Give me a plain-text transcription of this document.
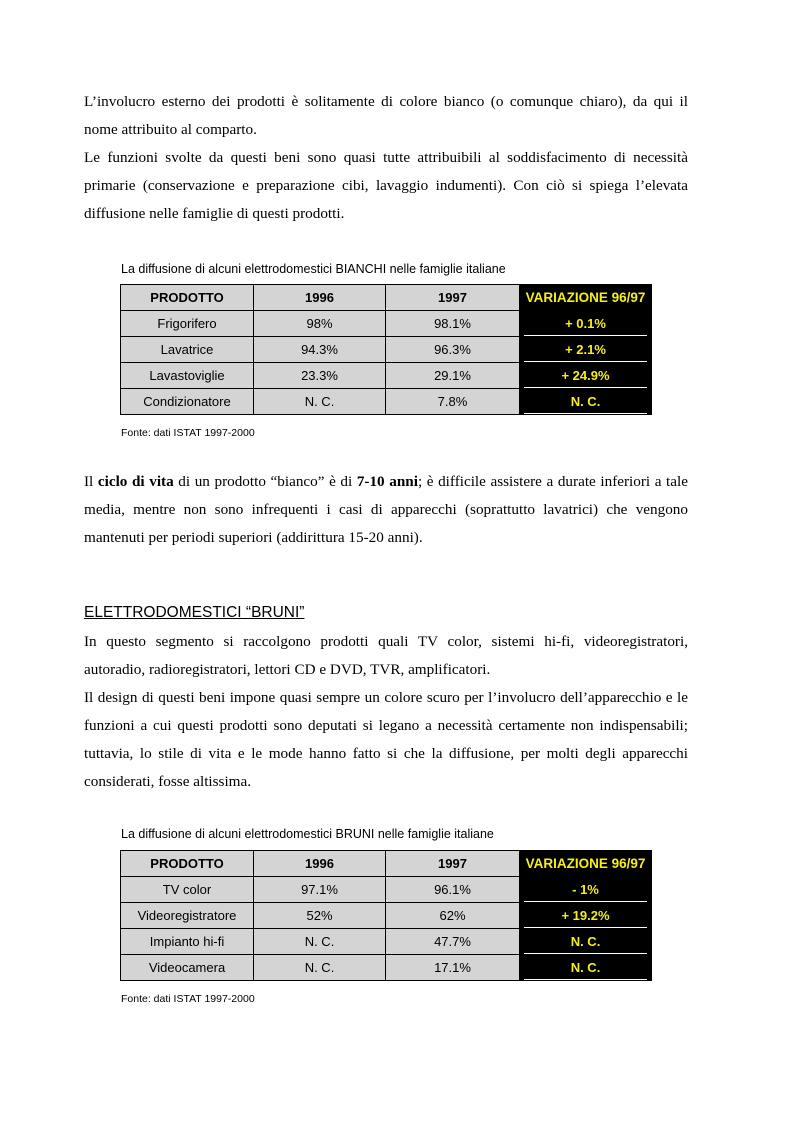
L’involucro esterno dei prodotti è solitamente di colore bianco (o comunque chiaro), da qui il nome attribuito al comparto.

Le funzioni svolte da questi beni sono quasi tutte attribuibili al soddisfacimento di necessità primarie (conservazione e preparazione cibi, lavaggio indumenti). Con ciò si spiega l’elevata diffusione nelle famiglie di questi prodotti.

La diffusione di alcuni elettrodomestici BIANCHI nelle famiglie italiane

PRODOTTO	1996	1997	VARIAZIONE 96/97
Frigorifero	98%	98.1%	+ 0.1%
Lavatrice	94.3%	96.3%	+ 2.1%
Lavastoviglie	23.3%	29.1%	+ 24.9%
Condizionatore	N. C.	7.8%	N. C.

Fonte: dati ISTAT 1997-2000

Il ciclo di vita di un prodotto “bianco” è di 7-10 anni; è difficile assistere a durate inferiori a tale media, mentre non sono infrequenti i casi di apparecchi (soprattutto lavatrici) che vengono mantenuti per periodi superiori (addirittura 15-20 anni).

ELETTRODOMESTICI “BRUNI”

In questo segmento si raccolgono prodotti quali TV color, sistemi hi-fi, videoregistratori, autoradio, radioregistratori, lettori CD e DVD, TVR, amplificatori.

Il design di questi beni impone quasi sempre un colore scuro per l’involucro dell’apparecchio e le funzioni a cui questi prodotti sono deputati si legano a necessità certamente non indispensabili; tuttavia, lo stile di vita e le mode hanno fatto si che la diffusione, per molti degli apparecchi considerati, fosse altissima.

La diffusione di alcuni elettrodomestici BRUNI nelle famiglie italiane

PRODOTTO	1996	1997	VARIAZIONE 96/97
TV color	97.1%	96.1%	- 1%
Videoregistratore	52%	62%	+ 19.2%
Impianto hi-fi	N. C.	47.7%	N. C.
Videocamera	N. C.	17.1%	N. C.

Fonte: dati ISTAT 1997-2000
